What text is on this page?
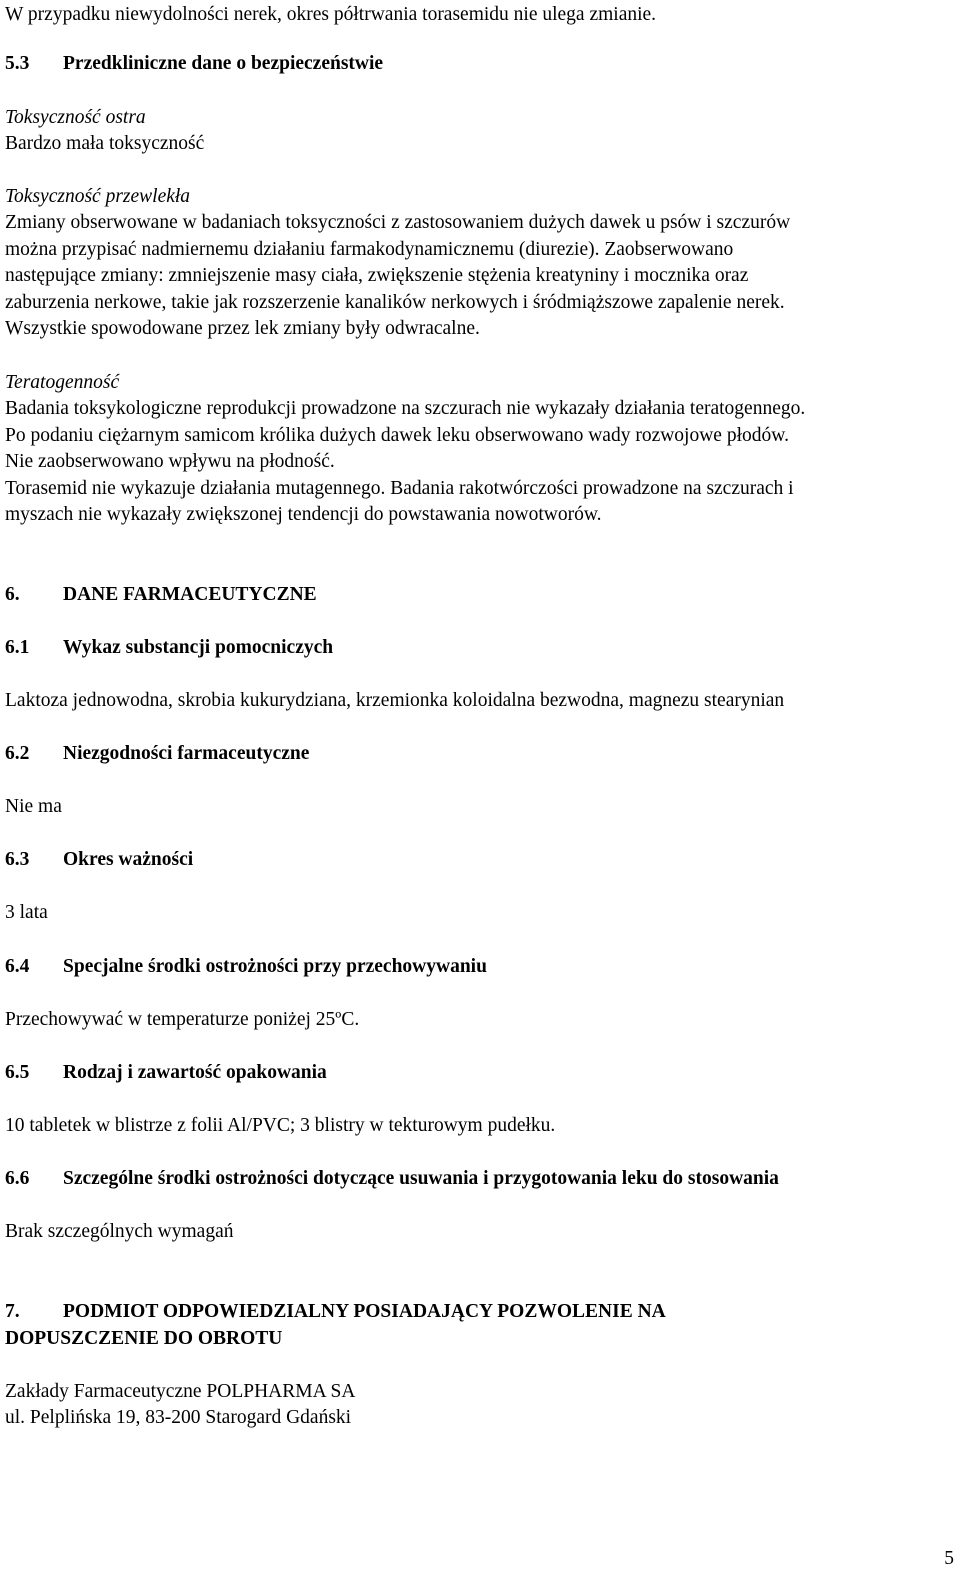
W przypadku niewydolności nerek, okres półtrwania torasemidu nie ulega zmianie.
5.3 Przedkliniczne dane o bezpieczeństwie
Toksyczność ostra
Bardzo mała toksyczność
Toksyczność przewlekła
Zmiany obserwowane w badaniach toksyczności z zastosowaniem dużych dawek u psów i szczurów
można przypisać nadmiernemu działaniu farmakodynamicznemu (diurezie). Zaobserwowano
następujące zmiany: zmniejszenie masy ciała, zwiększenie stężenia kreatyniny i mocznika oraz
zaburzenia nerkowe, takie jak rozszerzenie kanalików nerkowych i śródmiąższowe zapalenie nerek.
Wszystkie spowodowane przez lek zmiany były odwracalne.
Teratogenność
Badania toksykologiczne reprodukcji prowadzone na szczurach nie wykazały działania teratogennego.
Po podaniu ciężarnym samicom królika dużych dawek leku obserwowano wady rozwojowe płodów.
Nie zaobserwowano wpływu na płodność.
Torasemid nie wykazuje działania mutagennego. Badania rakotwórczości prowadzone na szczurach i
myszach nie wykazały zwiększonej tendencji do powstawania nowotworów.
6. DANE FARMACEUTYCZNE
6.1 Wykaz substancji pomocniczych
Laktoza jednowodna, skrobia kukurydziana, krzemionka koloidalna bezwodna, magnezu stearynian
6.2 Niezgodności farmaceutyczne
Nie ma
6.3 Okres ważności
3 lata
6.4 Specjalne środki ostrożności przy przechowywaniu
Przechowywać w temperaturze poniżej 25ºC.
6.5 Rodzaj i zawartość opakowania
10 tabletek w blistrze z folii Al/PVC; 3 blistry w tekturowym pudełku.
6.6 Szczególne środki ostrożności dotyczące usuwania i przygotowania leku do stosowania
Brak szczególnych wymagań
7. PODMIOT ODPOWIEDZIALNY POSIADAJĄCY POZWOLENIE NA
DOPUSZCZENIE DO OBROTU
Zakłady Farmaceutyczne POLPHARMA SA
ul. Pelplińska 19, 83-200 Starogard Gdański
5
